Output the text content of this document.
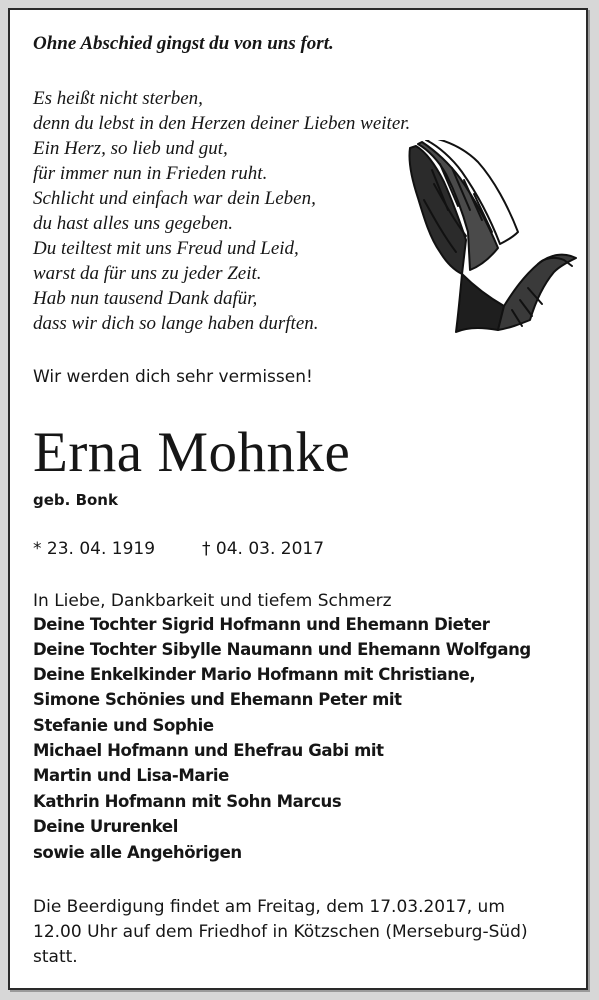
Ohne Abschied gingst du von uns fort.
Es heißt nicht sterben,
denn du lebst in den Herzen deiner Lieben weiter.
Ein Herz, so lieb und gut,
für immer nun in Frieden ruht.
Schlicht und einfach war dein Leben,
du hast alles uns gegeben.
Du teiltest mit uns Freud und Leid,
warst da für uns zu jeder Zeit.
Hab nun tausend Dank dafür,
dass wir dich so lange haben durften.
Wir werden dich sehr vermissen!
Erna Mohnke
geb. Bonk
* 23. 04. 1919	† 04. 03. 2017
In Liebe, Dankbarkeit und tiefem Schmerz
Deine Tochter Sigrid Hofmann und Ehemann Dieter
Deine Tochter Sibylle Naumann und Ehemann Wolfgang
Deine Enkelkinder Mario Hofmann mit Christiane,
Simone Schönies und Ehemann Peter mit
Stefanie und Sophie
Michael Hofmann und Ehefrau Gabi mit
Martin und Lisa-Marie
Kathrin Hofmann mit Sohn Marcus
Deine Ururenkel
sowie alle Angehörigen
Die Beerdigung findet am Freitag, dem 17.03.2017, um
12.00 Uhr auf dem Friedhof in Kötzschen (Merseburg-Süd)
statt.
